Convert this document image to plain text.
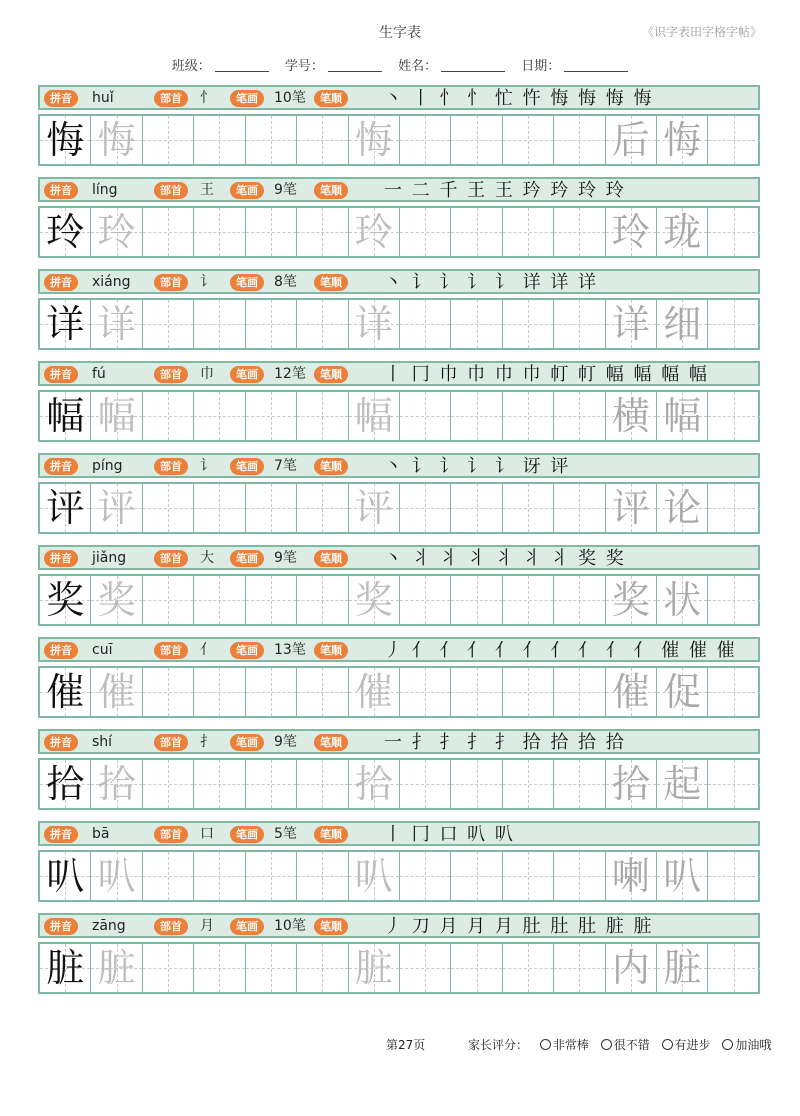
生字表	《识字表田字格字帖》
班级：	学号：	姓名：	日期：
拼音	huǐ	部首	忄	笔画	10笔	笔顺	丶 丨 忄 忄 忙 忤 悔 悔 悔 悔
悔 悔	悔	后 悔
拼音	líng	部首	王	笔画	9笔	笔顺	一 二 千 王 王 玪 玪 玲 玲
玲 玲	玲	玲 珑
拼音	xiáng	部首	讠	笔画	8笔	笔顺	丶 讠 讠 讠 讠 详 详 详
详 详	详	详 细
拼音	fú	部首	巾	笔画	12笔	笔顺	丨 冂 巾 巾 巾 巾 帄 帄 幅 幅 幅 幅
幅 幅	幅	横 幅
拼音	píng	部首	讠	笔画	7笔	笔顺	丶 讠 讠 讠 讠 讶 评
评 评	评	评 论
拼音	jiǎng	部首	大	笔画	9笔	笔顺	丶 丬 丬 丬 丬 丬 丬 奖 奖
奖 奖	奖	奖 状
拼音	cuī	部首	亻	笔画	13笔	笔顺	丿 亻 亻 亻 亻 亻 亻 亻 亻 亻 催 催 催
催 催	催	催 促
拼音	shí	部首	扌	笔画	9笔	笔顺	一 扌 扌 扌 扌 拾 拾 拾 拾
拾 拾	拾	拾 起
拼音	bā	部首	口	笔画	5笔	笔顺	丨 冂 口 叭 叭
叭 叭	叭	喇 叭
拼音	zāng	部首	月	笔画	10笔	笔顺	丿 刀 月 月 月 肚 肚 肚 脏 脏
脏 脏	脏	内 脏
第27页	家长评分： 非常棒 很不错 有进步 加油哦
